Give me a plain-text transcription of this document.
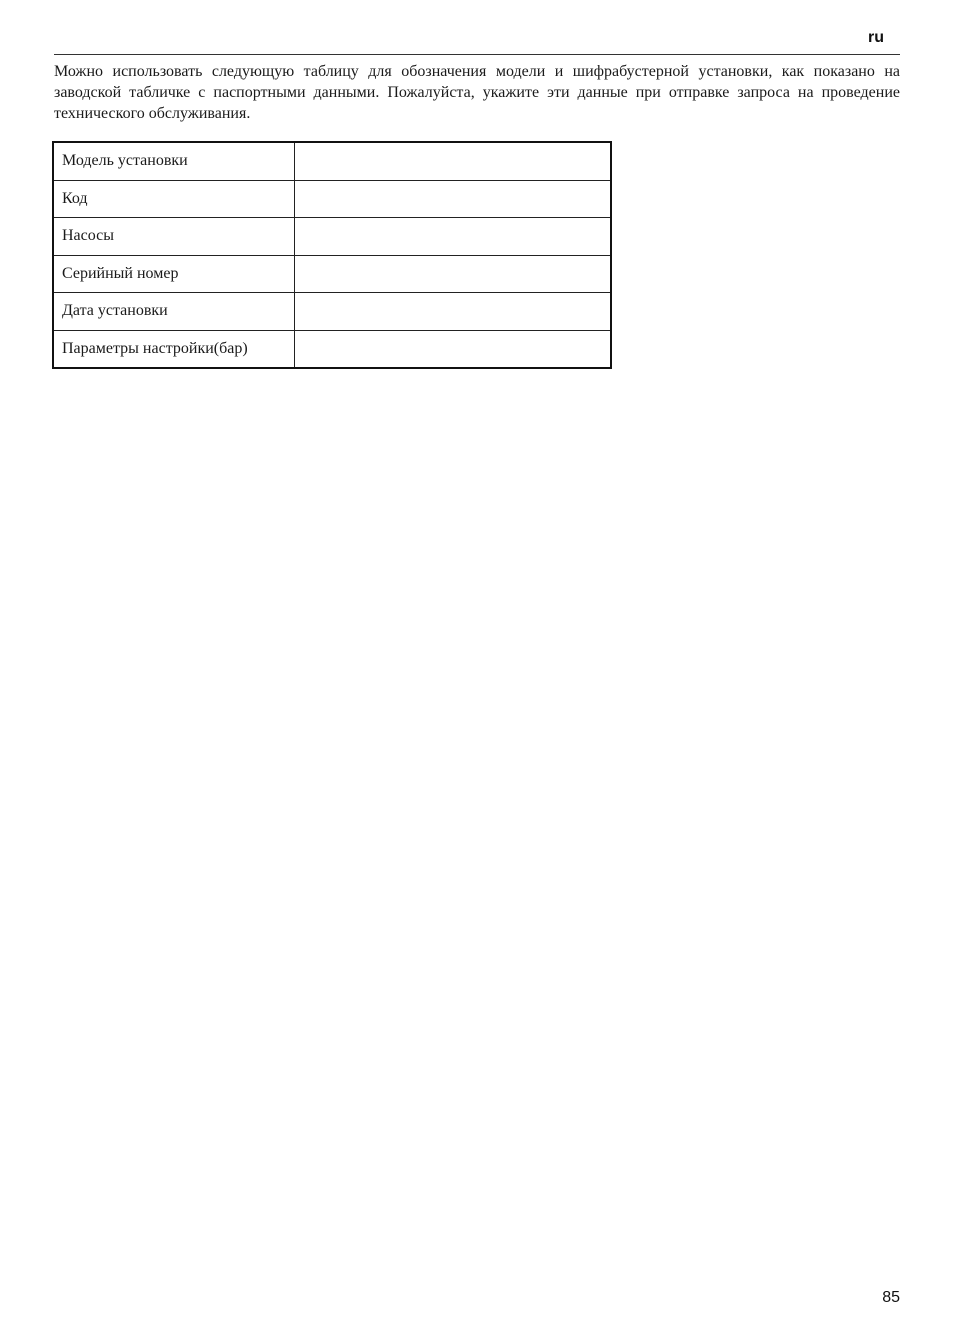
ru

Можно использовать следующую таблицу для обозначения модели и шифрабустерной установки, как показано на заводской табличке с паспортными данными. Пожалуйста, укажите эти данные при отправке запроса на проведение технического обслуживания.

Модель установки	
Код	
Насосы	
Серийный номер	
Дата установки	
Параметры настройки(бар)	
85
